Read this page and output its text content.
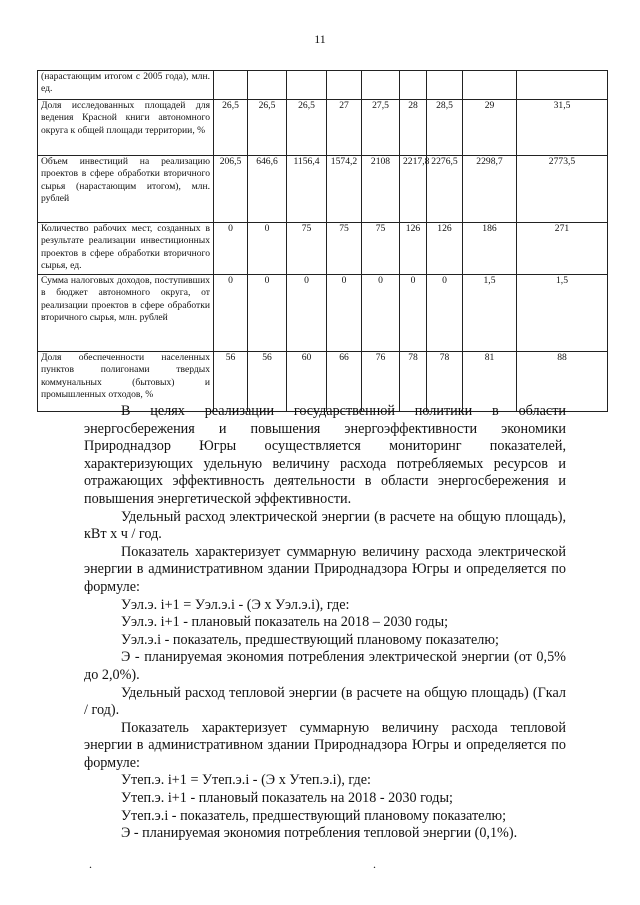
11
(нарастающим итогом с 2005 года), млн. ед.									
Доля исследованных площадей для ведения Красной книги автономного округа к общей площади территории, %	26,5	26,5	26,5	27	27,5	28	28,5	29	31,5
Объем инвестиций на реализацию проектов в сфере обработки вторичного сырья (нарастающим итогом), млн. рублей	206,5	646,6	1156,4	1574,2	2108	2217,8	2276,5	2298,7	2773,5
Количество рабочих мест, созданных в результате реализации инвестиционных проектов в сфере обработки вторичного сырья, ед.	0	0	75	75	75	126	126	186	271
Сумма налоговых доходов, поступивших в бюджет автономного округа, от реализации проектов в сфере обработки вторичного сырья, млн. рублей	0	0	0	0	0	0	0	1,5	1,5
Доля обеспеченности населенных пунктов полигонами твердых коммунальных (бытовых) и промышленных отходов, %	56	56	60	66	76	78	78	81	88

В целях реализации государственной политики в области энергосбережения и повышения энергоэффективности экономики Природнадзор Югры осуществляется мониторинг показателей, характеризующих удельную величину расхода потребляемых ресурсов и отражающих эффективность деятельности в области энергосбережения и повышения энергетической эффективности.

Удельный расход электрической энергии (в расчете на общую площадь), кВт х ч / год.

Показатель характеризует суммарную величину расхода электрической энергии в административном здании Природнадзора Югры и определяется по формуле:

Уэл.э. i+1 = Уэл.э.i - (Э х Уэл.э.i), где:

Уэл.э. i+1 - плановый показатель на 2018 – 2030 годы;

Уэл.э.i - показатель, предшествующий плановому показателю;

Э - планируемая экономия потребления электрической энергии (от 0,5% до 2,0%).

Удельный расход тепловой энергии (в расчете на общую площадь) (Гкал / год).

Показатель характеризует суммарную величину расхода тепловой энергии в административном здании Природнадзора Югры и определяется по формуле:

Утеп.э. i+1 = Утеп.э.i - (Э х Утеп.э.i), где:

Утеп.э. i+1 - плановый показатель на 2018 - 2030 годы;

Утеп.э.i - показатель, предшествующий плановому показателю;

Э - планируемая экономия потребления тепловой энергии (0,1%).

.	.
